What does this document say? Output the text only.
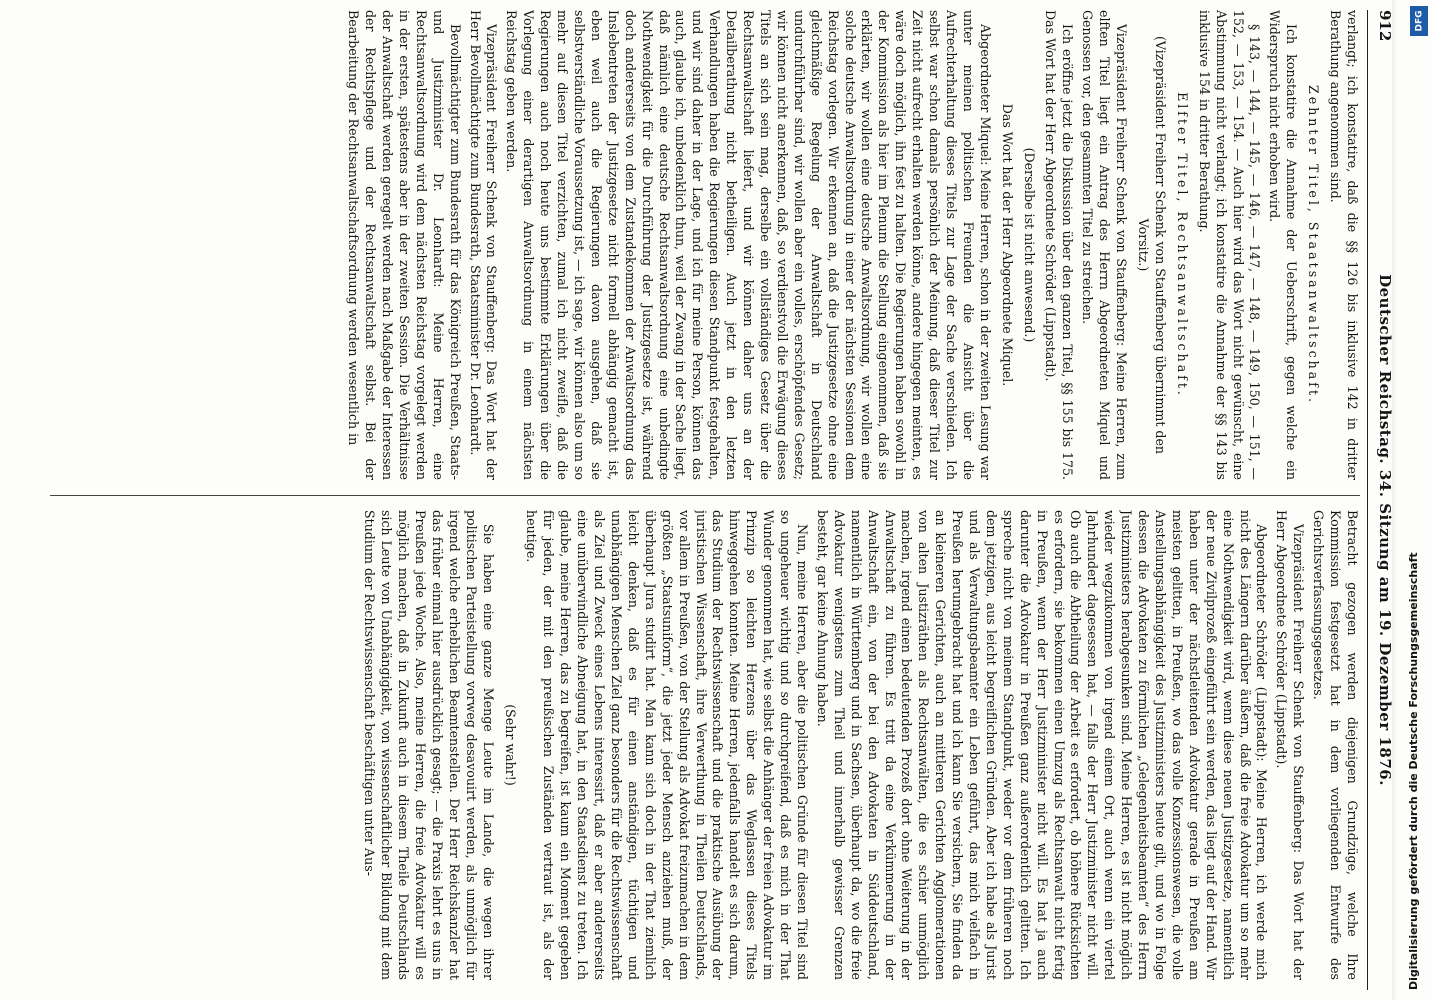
912
Deutscher Reichstag. 34. Sitzung am 19. Dezember 1876.

verlangt; ich konstatire, daß die §§ 126 bis inklusive 142 in dritter Berathung angenommen sind.

Zehnter Titel, Staatsanwaltschaft.

Ich konstatire die Annahme der Ueberschrift, gegen welche ein Widerspruch nicht erhoben wird.

§ 143, — 144, — 145, — 146, — 147, — 148, — 149, 150, — 151, — 152, — 153, — 154. — Auch hier wird das Wort nicht gewünscht, eine Abstimmung nicht verlangt; ich konstatire die Annahme der §§ 143 bis inklusive 154 in dritter Berathung.

Elfter Titel, Rechtsanwaltschaft.

(Vizepräsident Freiherr Schenk von Stauffenberg übernimmt den Vorsitz.)

Vizepräsident Freiherr Schenk von Stauffenberg: Meine Herren, zum elften Titel liegt ein Antrag des Herrn Abgeordneten Miquel und Genossen vor, den gesammten Titel zu streichen.

Ich eröffne jetzt die Diskussion über den ganzen Titel, §§ 155 bis 175. Das Wort hat der Herr Abgeordnete Schröder (Lippstadt).

(Derselbe ist nicht anwesend.)

Das Wort hat der Herr Abgeordnete Miquel.

Abgeordneter Miquel: Meine Herren, schon in der zweiten Lesung war unter meinen politischen Freunden die Ansicht über die Aufrechterhaltung dieses Titels zur Lage der Sache verschieden. Ich selbst war schon damals persönlich der Meinung, daß dieser Titel zur Zeit nicht aufrecht erhalten werden könne, andere hingegen meinten, es wäre doch möglich, ihn fest zu halten. Die Regierungen haben sowohl in der Kommission als hier im Plenum die Stellung eingenommen, daß sie erklärten, wir wollen eine deutsche Anwaltsordnung, wir wollen eine solche deutsche Anwaltsordnung in einer der nächsten Sessionen dem Reichstag vorlegen. Wir erkennen an, daß die Justizgesetze ohne eine gleichmäßige Regelung der Anwaltschaft in Deutschland undurchführbar sind, wir wollen aber ein volles, erschöpfendes Gesetz; wir können nicht anerkennen, daß, so verdienstvoll die Erwägung dieses Titels an sich sein mag, derselbe ein vollständiges Gesetz über die Rechtsanwaltschaft liefert, und wir können daher uns an der Detailberathung nicht betheiligen. Auch jetzt in den letzten Verhandlungen haben die Regierungen diesen Standpunkt festgehalten, und wir sind daher in der Lage, und ich für meine Person, können das auch, glaube ich, unbedenklich thun, weil der Zwang in der Sache liegt, daß nämlich eine deutsche Rechtsanwaltsordnung eine unbedingte Nothwendigkeit für die Durchführung der Justizgesetze ist, während doch andererseits von dem Zustandekommen der Anwaltsordnung das Inslebentreten der Justizgesetze nicht formell abhängig gemacht ist, eben weil auch die Regierungen davon ausgehen, daß sie selbstverständliche Voraussetzung ist, — ich sage, wir können also um so mehr auf diesen Titel verzichten, zumal ich nicht zweifle, daß die Regierungen auch noch heute uns bestimmte Erklärungen über die Vorlegung einer derartigen Anwaltsordnung in einem nächsten Reichstag geben werden.

Vizepräsident Freiherr Schenk von Stauffenberg: Das Wort hat der Herr Bevollmächtigte zum Bundesrath, Staatsminister Dr. Leonhardt.

Bevollmächtigter zum Bundesrath für das Königreich Preußen, Staats- und Justizminister Dr. Leonhardt: Meine Herren, eine Rechtsanwaltsordnung wird dem nächsten Reichstag vorgelegt werden in der ersten, spätestens aber in der zweiten Session. Die Verhältnisse der Anwaltschaft werden geregelt werden nach Maßgabe der Interessen der Rechtspflege und der Rechtsanwaltschaft selbst. Bei der Bearbeitung der Rechtsanwaltschaftsordnung werden wesentlich in

Betracht gezogen werden diejenigen Grundzüge, welche Ihre Kommission festgesetzt hat in dem vorliegenden Entwurfe des Gerichtsverfassungsgesetzes.

Vizepräsident Freiherr Schenk von Stauffenberg: Das Wort hat der Herr Abgeordnete Schröder (Lippstadt).

Abgeordneter Schröder (Lippstadt): Meine Herren, ich werde mich nicht des Längern darüber äußern, daß die freie Advokatur um so mehr eine Nothwendigkeit wird, wenn diese neuen Justizgesetze, namentlich der neue Zivilprozeß eingeführt sein werden, das liegt auf der Hand. Wir haben unter der nächstleitenden Advokatur gerade in Preußen am meisten gelitten, in Preußen, wo das volle Konzessionswesen, die volle Anstellungsabhängigkeit des Justizministers heute gilt, und wo in Folge dessen die Advokaten zu förmlichen „Gelegenheitsbeamten“ des Herrn Justizministers herabgesunken sind. Meine Herren, es ist nicht möglich wieder wegzukommen von irgend einem Ort, auch wenn ein viertel Jahrhundert dagesessen hat, — falls der Herr Justizminister nicht will. Ob auch die Abtheilung der Arbeit es erfordert, ob höhere Rücksichten es erfordern, sie bekommen einen Umzug als Rechtsanwalt nicht fertig in Preußen, wenn der Herr Justizminister nicht will. Es hat ja auch darunter die Advokatur in Preußen ganz außerordentlich gelitten. Ich spreche nicht von meinem Standpunkt, weder vor dem früheren noch dem jetzigen, aus leicht begreiflichen Gründen. Aber ich habe als Jurist und als Verwaltungsbeamter ein Leben geführt, das mich vielfach in Preußen herumgebracht hat und ich kann Sie versichern, Sie finden da an kleineren Gerichten, auch an mittleren Gerichten Agglomerationen von alten Justizräthen als Rechtsanwälten, die es schier unmöglich machen, irgend einen bedeutenden Prozeß dort ohne Weiterung in der Anwaltschaft zu führen. Es tritt da eine Verkümmerung in der Anwaltschaft ein, von der bei den Advokaten in Süddeutschland, namentlich in Württemberg und in Sachsen, überhaupt da, wo die freie Advokatur wenigstens zum Theil und innerhalb gewisser Grenzen besteht, gar keine Ahnung haben.

Nun, meine Herren, aber die politischen Gründe für diesen Titel sind so ungeheuer wichtig und so durchgreifend, daß es mich in der That Wunder genommen hat, wie selbst die Anhänger der freien Advokatur im Prinzip so leichten Herzens über das Weglassen dieses Titels hinweggehen konnten. Meine Herren, jedenfalls handelt es sich darum, das Studium der Rechtswissenschaft und die praktische Ausübung der juristischen Wissenschaft, ihre Verwerthung in Theilen Deutschlands, vor allem in Preußen, von der Stellung als Advokat freizumachen in dem größten „Staatsuniform“, die jetzt jeder Mensch anziehen muß, der überhaupt Jura studirt hat. Man kann sich doch in der That ziemlich leicht denken, daß es für einen anständigen, tüchtigen und unabhängigen Menschen Ziel ganz besonders für die Rechtswissenschaft als Ziel und Zweck eines Lebens interessirt, daß er aber andererseits eine unüberwindliche Abneigung hat, in den Staatsdienst zu treten. Ich glaube, meine Herren, das zu begreifen, ist kaum ein Moment gegeben für jeden, der mit den preußischen Zuständen vertraut ist, als der heutige.

(Sehr wahr!)

Sie haben eine ganze Menge Leute im Lande, die wegen ihrer politischen Parteistellung vorweg desavouirt werden, als unmöglich für irgend welche erheblichen Beamtenstellen. Der Herr Reichskanzler hat das früher einmal hier ausdrücklich gesagt; — die Praxis lehrt es uns in Preußen jede Woche. Also, meine Herren, die freie Advokatur will es möglich machen, daß in Zukunft auch in diesem Theile Deutschlands sich Leute von Unabhängigkeit, von wissenschaftlicher Bildung mit dem Studium der Rechtswissenschaft beschäftigen unter Aus-

DFG
Digitalisierung gefördert durch die Deutsche Forschungsgemeinschaft
